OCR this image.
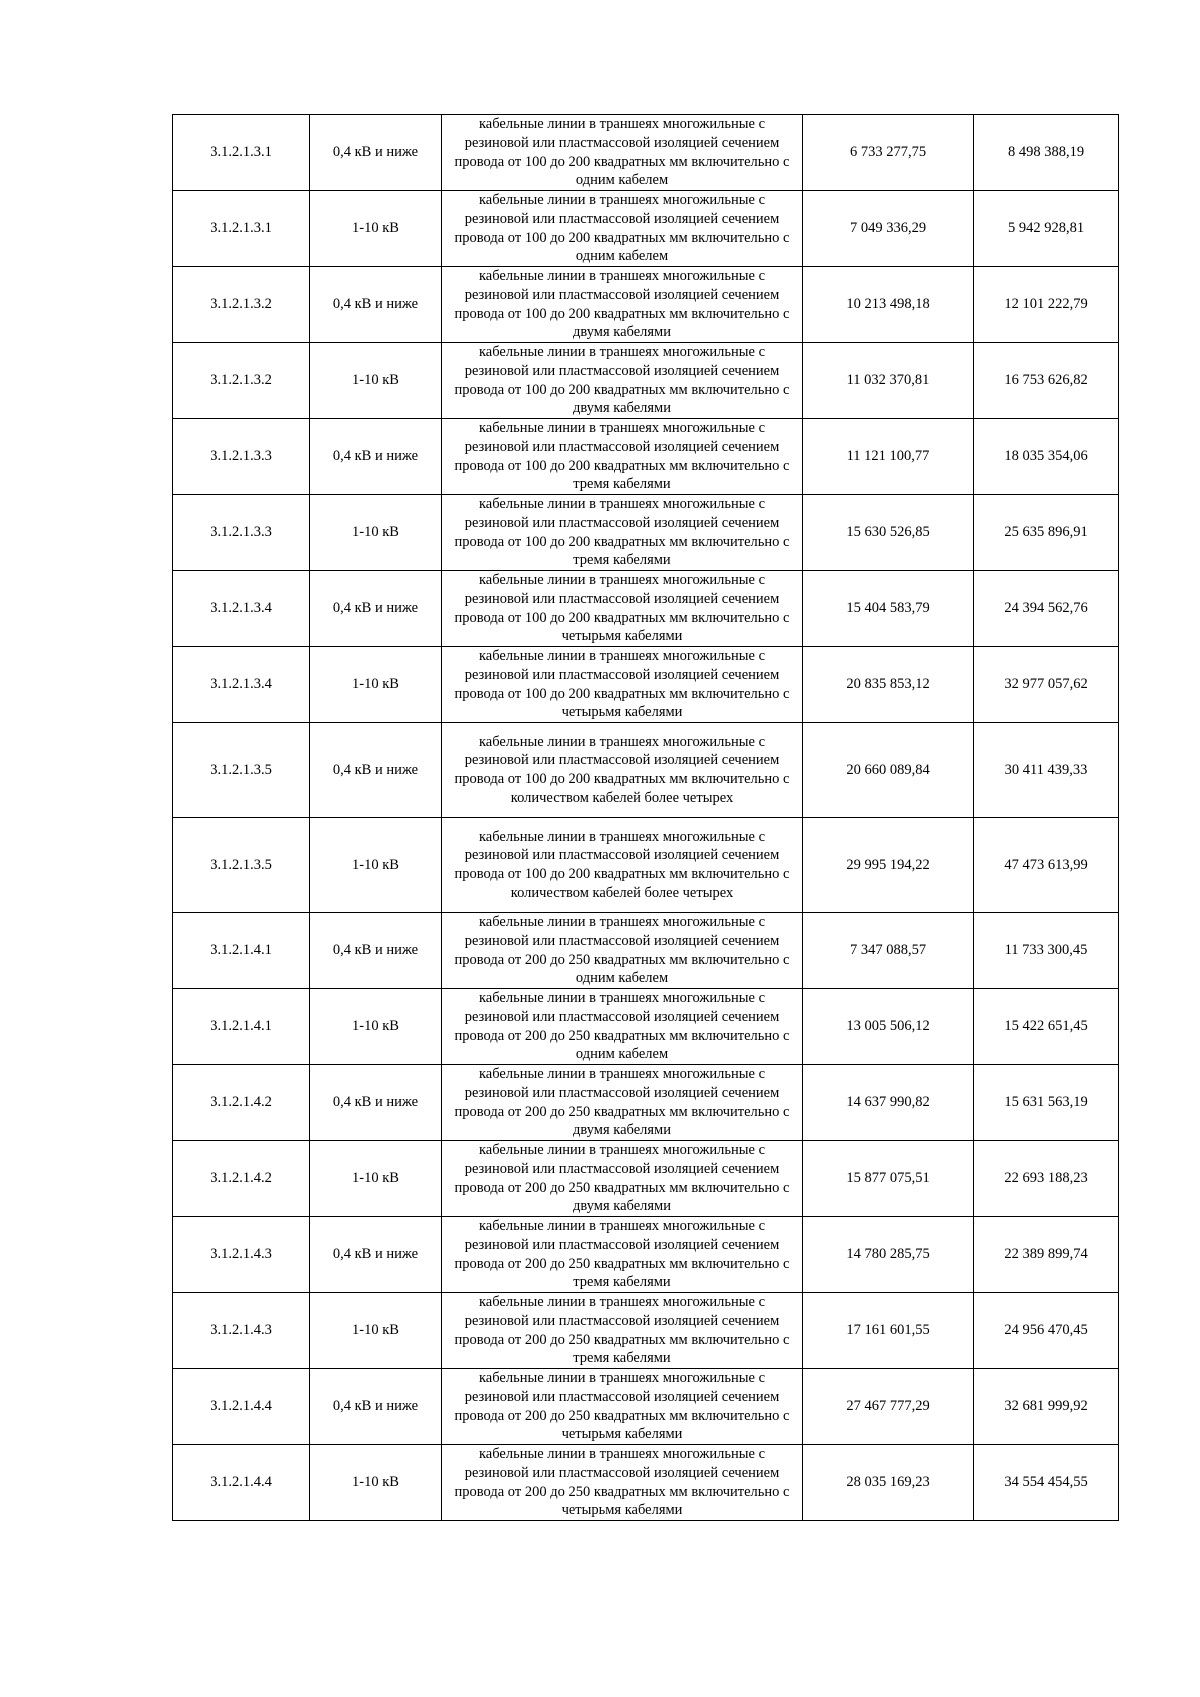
3.1.2.1.3.1	0,4 кВ и ниже	кабельные линии в траншеях многожильные с резиновой или пластмассовой изоляцией сечением провода от 100 до 200 квадратных мм включительно с одним кабелем	6 733 277,75	8 498 388,19
3.1.2.1.3.1	1-10 кВ	кабельные линии в траншеях многожильные с резиновой или пластмассовой изоляцией сечением провода от 100 до 200 квадратных мм включительно с одним кабелем	7 049 336,29	5 942 928,81
3.1.2.1.3.2	0,4 кВ и ниже	кабельные линии в траншеях многожильные с резиновой или пластмассовой изоляцией сечением провода от 100 до 200 квадратных мм включительно с двумя кабелями	10 213 498,18	12 101 222,79
3.1.2.1.3.2	1-10 кВ	кабельные линии в траншеях многожильные с резиновой или пластмассовой изоляцией сечением провода от 100 до 200 квадратных мм включительно с двумя кабелями	11 032 370,81	16 753 626,82
3.1.2.1.3.3	0,4 кВ и ниже	кабельные линии в траншеях многожильные с резиновой или пластмассовой изоляцией сечением провода от 100 до 200 квадратных мм включительно с тремя кабелями	11 121 100,77	18 035 354,06
3.1.2.1.3.3	1-10 кВ	кабельные линии в траншеях многожильные с резиновой или пластмассовой изоляцией сечением провода от 100 до 200 квадратных мм включительно с тремя кабелями	15 630 526,85	25 635 896,91
3.1.2.1.3.4	0,4 кВ и ниже	кабельные линии в траншеях многожильные с резиновой или пластмассовой изоляцией сечением провода от 100 до 200 квадратных мм включительно с четырьмя кабелями	15 404 583,79	24 394 562,76
3.1.2.1.3.4	1-10 кВ	кабельные линии в траншеях многожильные с резиновой или пластмассовой изоляцией сечением провода от 100 до 200 квадратных мм включительно с четырьмя кабелями	20 835 853,12	32 977 057,62
3.1.2.1.3.5	0,4 кВ и ниже	кабельные линии в траншеях многожильные с резиновой или пластмассовой изоляцией сечением провода от 100 до 200 квадратных мм включительно с количеством кабелей более четырех	20 660 089,84	30 411 439,33
3.1.2.1.3.5	1-10 кВ	кабельные линии в траншеях многожильные с резиновой или пластмассовой изоляцией сечением провода от 100 до 200 квадратных мм включительно с количеством кабелей более четырех	29 995 194,22	47 473 613,99
3.1.2.1.4.1	0,4 кВ и ниже	кабельные линии в траншеях многожильные с резиновой или пластмассовой изоляцией сечением провода от 200 до 250 квадратных мм включительно с одним кабелем	7 347 088,57	11 733 300,45
3.1.2.1.4.1	1-10 кВ	кабельные линии в траншеях многожильные с резиновой или пластмассовой изоляцией сечением провода от 200 до 250 квадратных мм включительно с одним кабелем	13 005 506,12	15 422 651,45
3.1.2.1.4.2	0,4 кВ и ниже	кабельные линии в траншеях многожильные с резиновой или пластмассовой изоляцией сечением провода от 200 до 250 квадратных мм включительно с двумя кабелями	14 637 990,82	15 631 563,19
3.1.2.1.4.2	1-10 кВ	кабельные линии в траншеях многожильные с резиновой или пластмассовой изоляцией сечением провода от 200 до 250 квадратных мм включительно с двумя кабелями	15 877 075,51	22 693 188,23
3.1.2.1.4.3	0,4 кВ и ниже	кабельные линии в траншеях многожильные с резиновой или пластмассовой изоляцией сечением провода от 200 до 250 квадратных мм включительно с тремя кабелями	14 780 285,75	22 389 899,74
3.1.2.1.4.3	1-10 кВ	кабельные линии в траншеях многожильные с резиновой или пластмассовой изоляцией сечением провода от 200 до 250 квадратных мм включительно с тремя кабелями	17 161 601,55	24 956 470,45
3.1.2.1.4.4	0,4 кВ и ниже	кабельные линии в траншеях многожильные с резиновой или пластмассовой изоляцией сечением провода от 200 до 250 квадратных мм включительно с четырьмя кабелями	27 467 777,29	32 681 999,92
3.1.2.1.4.4	1-10 кВ	кабельные линии в траншеях многожильные с резиновой или пластмассовой изоляцией сечением провода от 200 до 250 квадратных мм включительно с четырьмя кабелями	28 035 169,23	34 554 454,55
